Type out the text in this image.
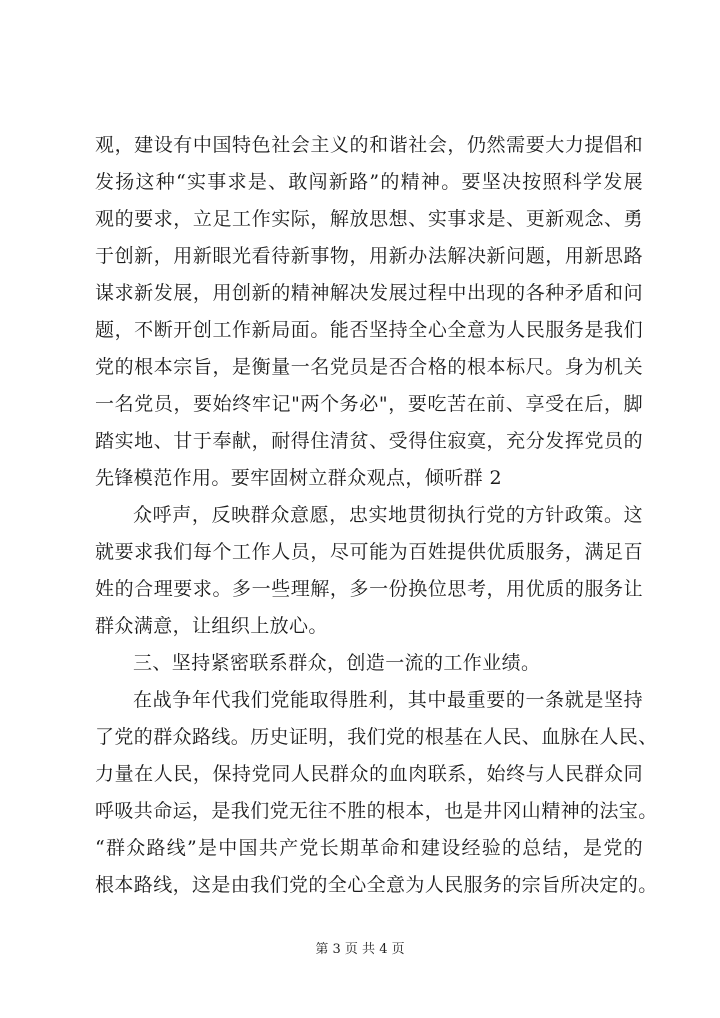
观，建设有中国特色社会主义的和谐社会，仍然需要大力提倡和
发扬这种“实事求是、敢闯新路”的精神。要坚决按照科学发展
观的要求，立足工作实际，解放思想、实事求是、更新观念、勇
于创新，用新眼光看待新事物，用新办法解决新问题，用新思路
谋求新发展，用创新的精神解决发展过程中出现的各种矛盾和问
题，不断开创工作新局面。能否坚持全心全意为人民服务是我们
党的根本宗旨，是衡量一名党员是否合格的根本标尺。身为机关
一名党员，要始终牢记"两个务必"，要吃苦在前、享受在后，脚
踏实地、甘于奉献，耐得住清贫、受得住寂寞，充分发挥党员的
先锋模范作用。要牢固树立群众观点，倾听群 2
众呼声，反映群众意愿，忠实地贯彻执行党的方针政策。这
就要求我们每个工作人员，尽可能为百姓提供优质服务，满足百
姓的合理要求。多一些理解，多一份换位思考，用优质的服务让
群众满意，让组织上放心。
三、坚持紧密联系群众，创造一流的工作业绩。
在战争年代我们党能取得胜利，其中最重要的一条就是坚持
了党的群众路线。历史证明，我们党的根基在人民、血脉在人民、
力量在人民，保持党同人民群众的血肉联系，始终与人民群众同
呼吸共命运，是我们党无往不胜的根本，也是井冈山精神的法宝。
“群众路线”是中国共产党长期革命和建设经验的总结，是党的
根本路线，这是由我们党的全心全意为人民服务的宗旨所决定的。
第 3 页 共 4 页
